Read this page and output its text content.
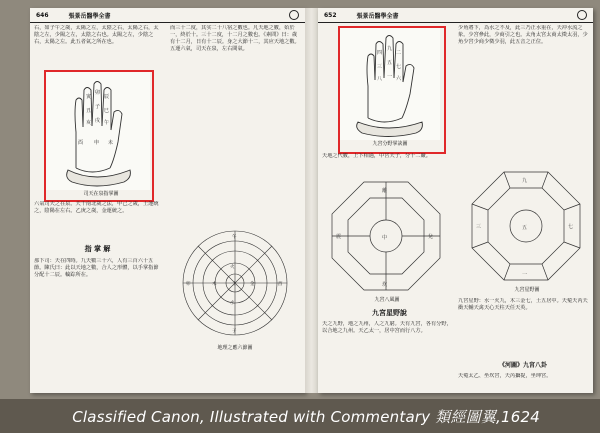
646	張景岳醫學全書
右，如子午之歲，太陽之左，太陰之右，太陽之右，太陰之左，少陽之左，太陰之右也。太陽之左，少陰之右，太陽之左。此五者氣之所在也。
寅
卯
辰
丑
子
巳
亥 戌 午
酉 申 未
司天在泉指掌圖
六氣司天之在泉。天干南北歲之法，甲己之歲，土運統之，陰陽在左右。乙庚之歲，金運統之。
指 掌 解
那下司：天在四時。九天數三十六，人有三百六十五節。陳氏曰：此以天地之數，合人之形體，以手掌指節分配十二辰。輪踪所在。
而三十二度，其实二十八宿之數也。凡天地之數，始於一，終於十。三十二度，十二月之數也。《素問》曰：歲有十二月，日有十二辰。身之大節十二，其应天地之數。五運六氣，司天在泉，左右間氣。
午
子
卯	酉
火
水
木	金
土
地理之應六節圖
652	張景岳醫學全書
四
九
二
三
五
七
八 一 六
九宮分野掌訣圖
少角將下，為水之不及，此三乃正水重在，天冲水流之象。少宮參此，少商引之也。太角太宮太商太徵太羽，少角少宮少商少徵少羽，此五音之正位。
天地之代數，上下相過，中宮天子，分十二廠。
離
坎
震	兌
中
九宮八風圖
九
一
三	七
五
九宮星野圖
九宮星野說
天之九野，地之九州，人之九窮。天有九宮，各有分野，以合地之九州。天乙太一，居中宮而行八方。
九宮星野：水一火九，木三金七，土五居中。天蒬天芮天衝天輔天禽天心天柱天任天英。
《河圖》九宮八卦
天蒬太乙、坐坎宮，天芮攝提，坐坤宮。
Classified Canon, Illustrated with Commentary 類經圖翼,1624
